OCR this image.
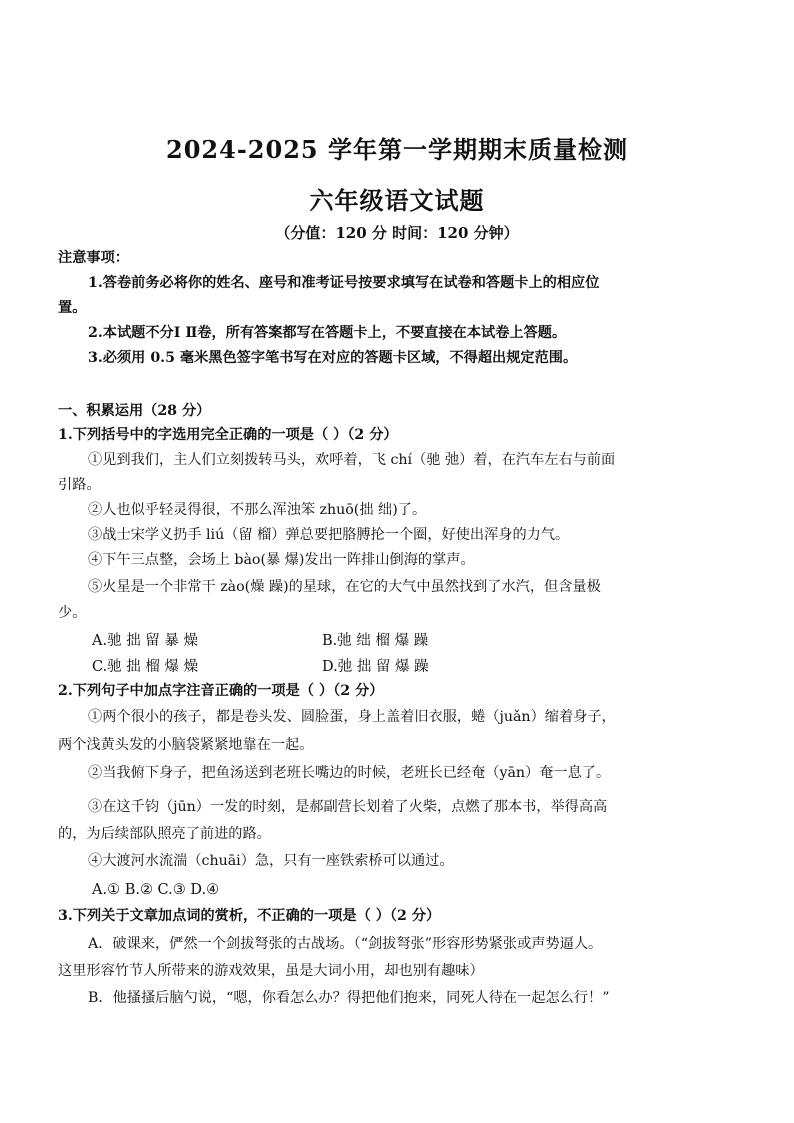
2024-2025 学年第一学期期末质量检测
六年级语文试题
（分值：120 分 时间：120 分钟）
注意事项：
1.答卷前务必将你的姓名、座号和准考证号按要求填写在试卷和答题卡上的相应位
置。
2.本试题不分Ⅰ Ⅱ卷，所有答案都写在答题卡上，不要直接在本试卷上答题。
3.必须用 0.5 毫米黑色签字笔书写在对应的答题卡区域，不得超出规定范围。
一、积累运用（28 分）
1.下列括号中的字选用完全正确的一项是（ ）（2 分）
①见到我们，主人们立刻拨转马头，欢呼着，飞 chí（驰 弛）着，在汽车左右与前面
引路。
②人也似乎轻灵得很，不那么浑浊笨 zhuō(拙 绌)了。
③战士宋学义扔手 liú（留 榴）弹总要把胳膊抡一个圈，好使出浑身的力气。
④下午三点整，会场上 bào(暴 爆)发出一阵排山倒海的掌声。
⑤火星是一个非常干 zào(燥 躁)的星球，在它的大气中虽然找到了水汽，但含量极
少。
A.驰 拙 留 暴 燥	B.弛 绌 榴 爆 躁
C.驰 拙 榴 爆 燥	D.弛 拙 留 爆 躁
2.下列句子中加点字注音正确的一项是（ ）（2 分）
①两个很小的孩子，都是卷头发、圆脸蛋，身上盖着旧衣服，蜷（juǎn）缩着身子，
两个浅黄头发的小脑袋紧紧地靠在一起。
②当我俯下身子，把鱼汤送到老班长嘴边的时候，老班长已经奄（yān）奄一息了。
③在这千钧（jūn）一发的时刻，是郝副营长划着了火柴，点燃了那本书，举得高高
的，为后续部队照亮了前进的路。
④大渡河水流湍（chuāi）急，只有一座铁索桥可以通过。
A.① B.② C.③ D.④
3.下列关于文章加点词的赏析，不正确的一项是（ ）（2 分）
A．破课来，俨然一个剑拔弩张的古战场。（“剑拔弩张”形容形势紧张或声势逼人。
这里形容竹节人所带来的游戏效果，虽是大词小用，却也别有趣味）
B．他搔搔后脑勺说，“嗯，你看怎么办？得把他们抱来，同死人待在一起怎么行！”
